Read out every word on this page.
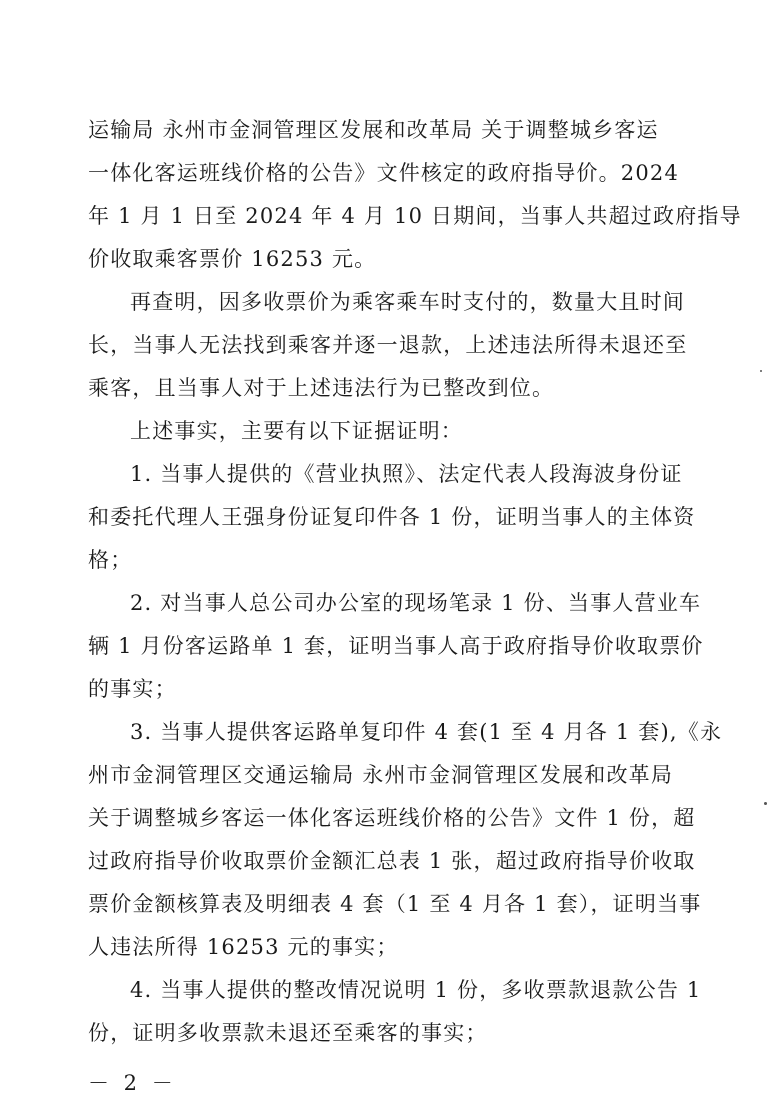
运输局 永州市金洞管理区发展和改革局 关于调整城乡客运
一体化客运班线价格的公告》文件核定的政府指导价。2024
年 1 月 1 日至 2024 年 4 月 10 日期间，当事人共超过政府指导
价收取乘客票价 16253 元。
再查明，因多收票价为乘客乘车时支付的，数量大且时间
长，当事人无法找到乘客并逐一退款，上述违法所得未退还至
乘客，且当事人对于上述违法行为已整改到位。
上述事实，主要有以下证据证明：
1. 当事人提供的《营业执照》、法定代表人段海波身份证
和委托代理人王强身份证复印件各 1 份，证明当事人的主体资
格；
2. 对当事人总公司办公室的现场笔录 1 份、当事人营业车
辆 1 月份客运路单 1 套，证明当事人高于政府指导价收取票价
的事实；
3. 当事人提供客运路单复印件 4 套(1 至 4 月各 1 套),《永
州市金洞管理区交通运输局 永州市金洞管理区发展和改革局
关于调整城乡客运一体化客运班线价格的公告》文件 1 份，超
过政府指导价收取票价金额汇总表 1 张，超过政府指导价收取
票价金额核算表及明细表 4 套（1 至 4 月各 1 套），证明当事
人违法所得 16253 元的事实；
4. 当事人提供的整改情况说明 1 份，多收票款退款公告 1
份，证明多收票款未退还至乘客的事实；
－ 2 －
